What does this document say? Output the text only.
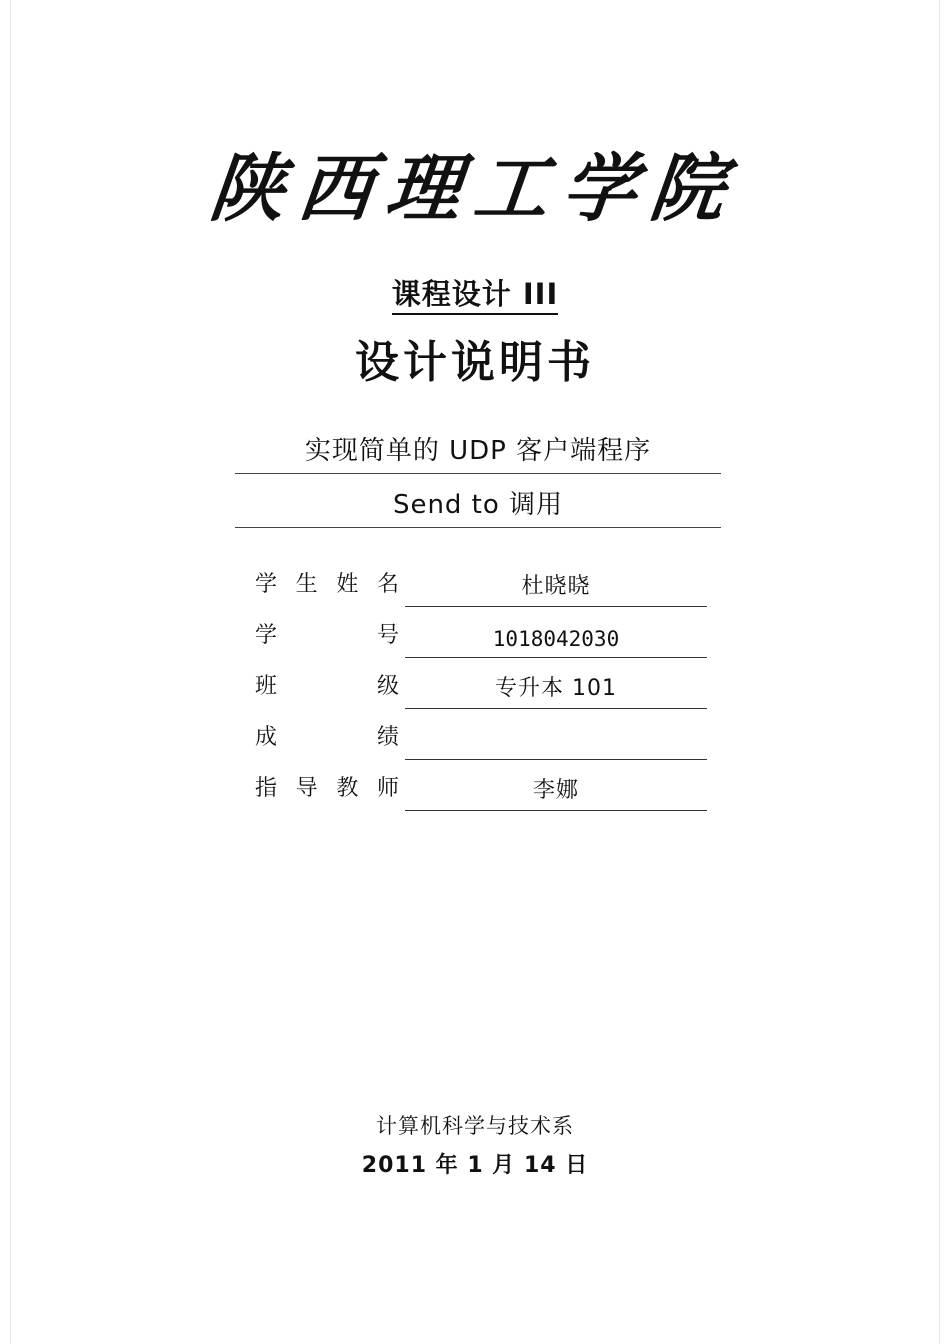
陕西理工学院
课程设计 III
设计说明书
实现简单的 UDP 客户端程序
Send to 调用
学 生 姓 名	杜晓晓
学	号	1018042030
班	级	专升本 101
成	绩
指 导 教 师	李娜
计算机科学与技术系
2011 年 1 月 14 日
